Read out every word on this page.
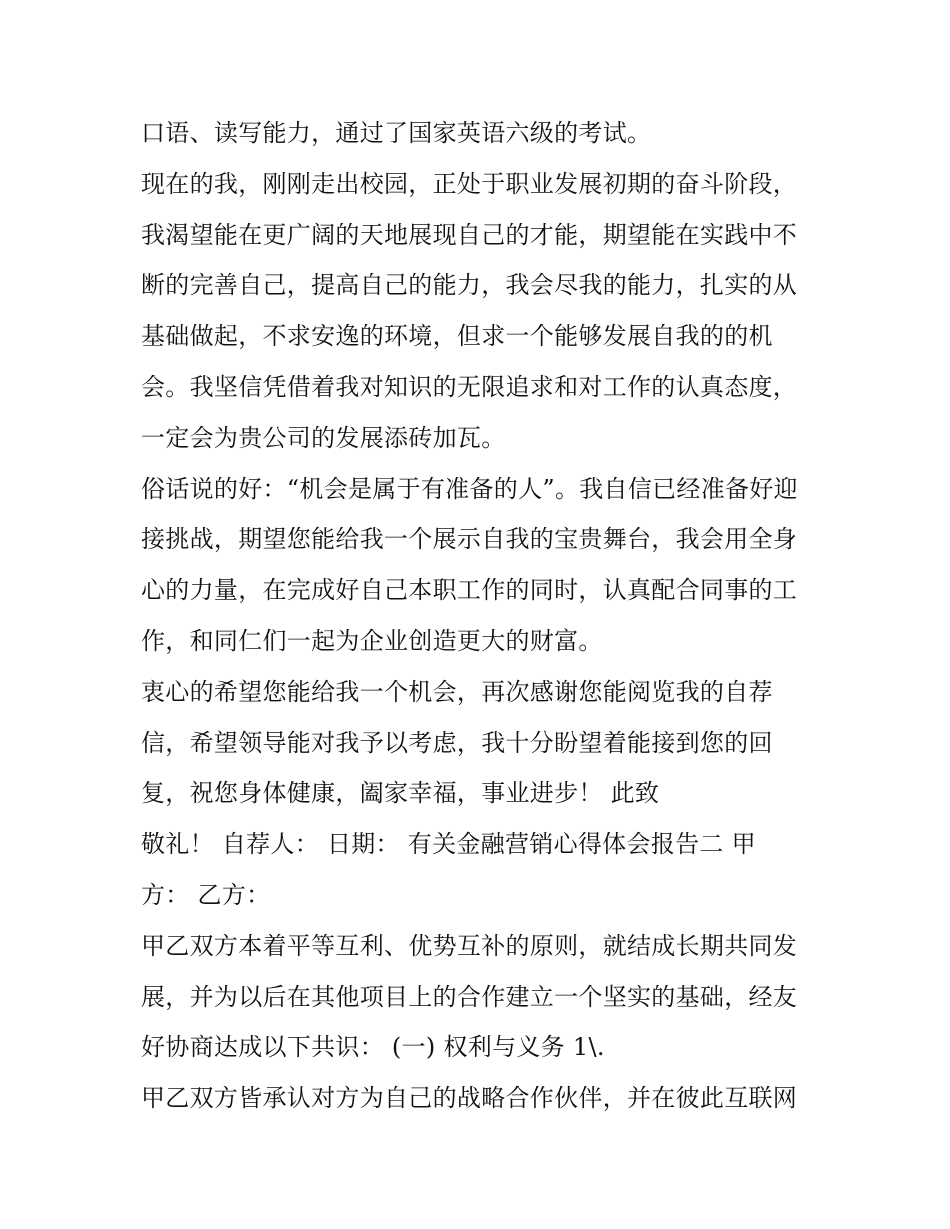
口语、读写能力，通过了国家英语六级的考试。
现在的我，刚刚走出校园，正处于职业发展初期的奋斗阶段，
我渴望能在更广阔的天地展现自己的才能，期望能在实践中不
断的完善自己，提高自己的能力，我会尽我的能力，扎实的从
基础做起，不求安逸的环境，但求一个能够发展自我的的机
会。我坚信凭借着我对知识的无限追求和对工作的认真态度，
一定会为贵公司的发展添砖加瓦。
俗话说的好：“机会是属于有准备的人”。我自信已经准备好迎
接挑战，期望您能给我一个展示自我的宝贵舞台，我会用全身
心的力量，在完成好自己本职工作的同时，认真配合同事的工
作，和同仁们一起为企业创造更大的财富。
衷心的希望您能给我一个机会，再次感谢您能阅览我的自荐
信，希望领导能对我予以考虑，我十分盼望着能接到您的回
复，祝您身体健康，阖家幸福，事业进步！ 此致
敬礼！ 自荐人： 日期： 有关金融营销心得体会报告二 甲
方： 乙方：
甲乙双方本着平等互利、优势互补的原则，就结成长期共同发
展，并为以后在其他项目上的合作建立一个坚实的基础，经友
好协商达成以下共识： (一) 权利与义务 1\.
甲乙双方皆承认对方为自己的战略合作伙伴，并在彼此互联网
